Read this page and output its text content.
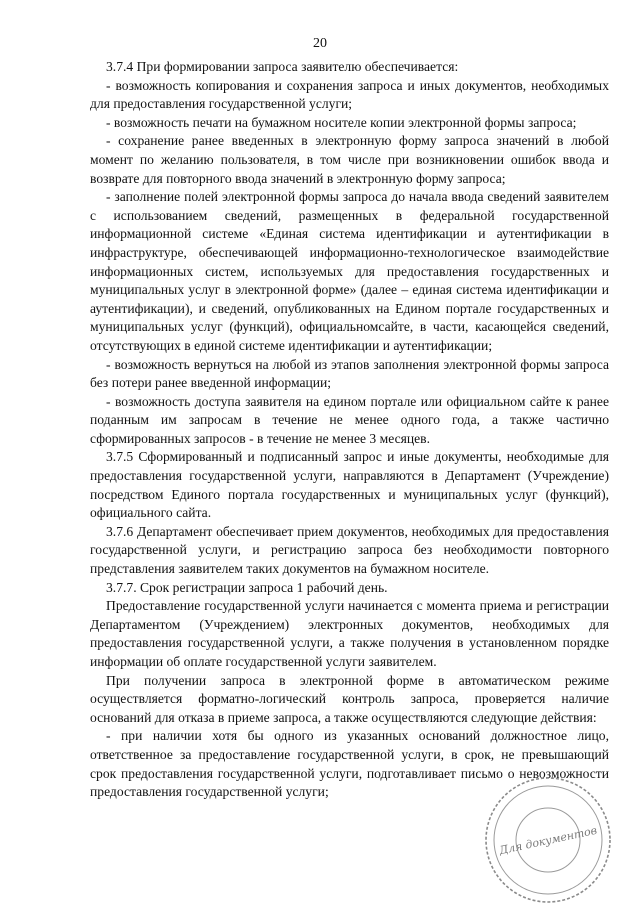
20

3.7.4 При формировании запроса заявителю обеспечивается:

- возможность копирования и сохранения запроса и иных документов, необходимых для предоставления государственной услуги;

- возможность печати на бумажном носителе копии электронной формы запроса;

- сохранение ранее введенных в электронную форму запроса значений в любой момент по желанию пользователя, в том числе при возникновении ошибок ввода и возврате для повторного ввода значений в электронную форму запроса;

- заполнение полей электронной формы запроса до начала ввода сведений заявителем с использованием сведений, размещенных в федеральной государственной информационной системе «Единая система идентификации и аутентификации в инфраструктуре, обеспечивающей информационно-технологическое взаимодействие информационных систем, используемых для предоставления государственных и муниципальных услуг в электронной форме» (далее – единая система идентификации и аутентификации), и сведений, опубликованных на Едином портале государственных и муниципальных услуг (функций), официальномсайте, в части, касающейся сведений, отсутствующих в единой системе идентификации и аутентификации;

- возможность вернуться на любой из этапов заполнения электронной формы запроса без потери ранее введенной информации;

- возможность доступа заявителя на едином портале или официальном сайте к ранее поданным им запросам в течение не менее одного года, а также частично сформированных запросов - в течение не менее 3 месяцев.

3.7.5 Сформированный и подписанный запрос и иные документы, необходимые для предоставления государственной услуги, направляются в Департамент (Учреждение) посредством Единого портала государственных и муниципальных услуг (функций), официального сайта.

3.7.6 Департамент обеспечивает прием документов, необходимых для предоставления государственной услуги, и регистрацию запроса без необходимости повторного представления заявителем таких документов на бумажном носителе.

3.7.7. Срок регистрации запроса 1 рабочий день.

Предоставление государственной услуги начинается с момента приема и регистрации Департаментом (Учреждением) электронных документов, необходимых для предоставления государственной услуги, а также получения в установленном порядке информации об оплате государственной услуги заявителем.

При получении запроса в электронной форме в автоматическом режиме осуществляется форматно-логический контроль запроса, проверяется наличие оснований для отказа в приеме запроса, а также осуществляются следующие действия:

- при наличии хотя бы одного из указанных оснований должностное лицо, ответственное за предоставление государственной услуги, в срок, не превышающий срок предоставления государственной услуги, подготавливает письмо о невозможности предоставления государственной услуги;

Для документов
